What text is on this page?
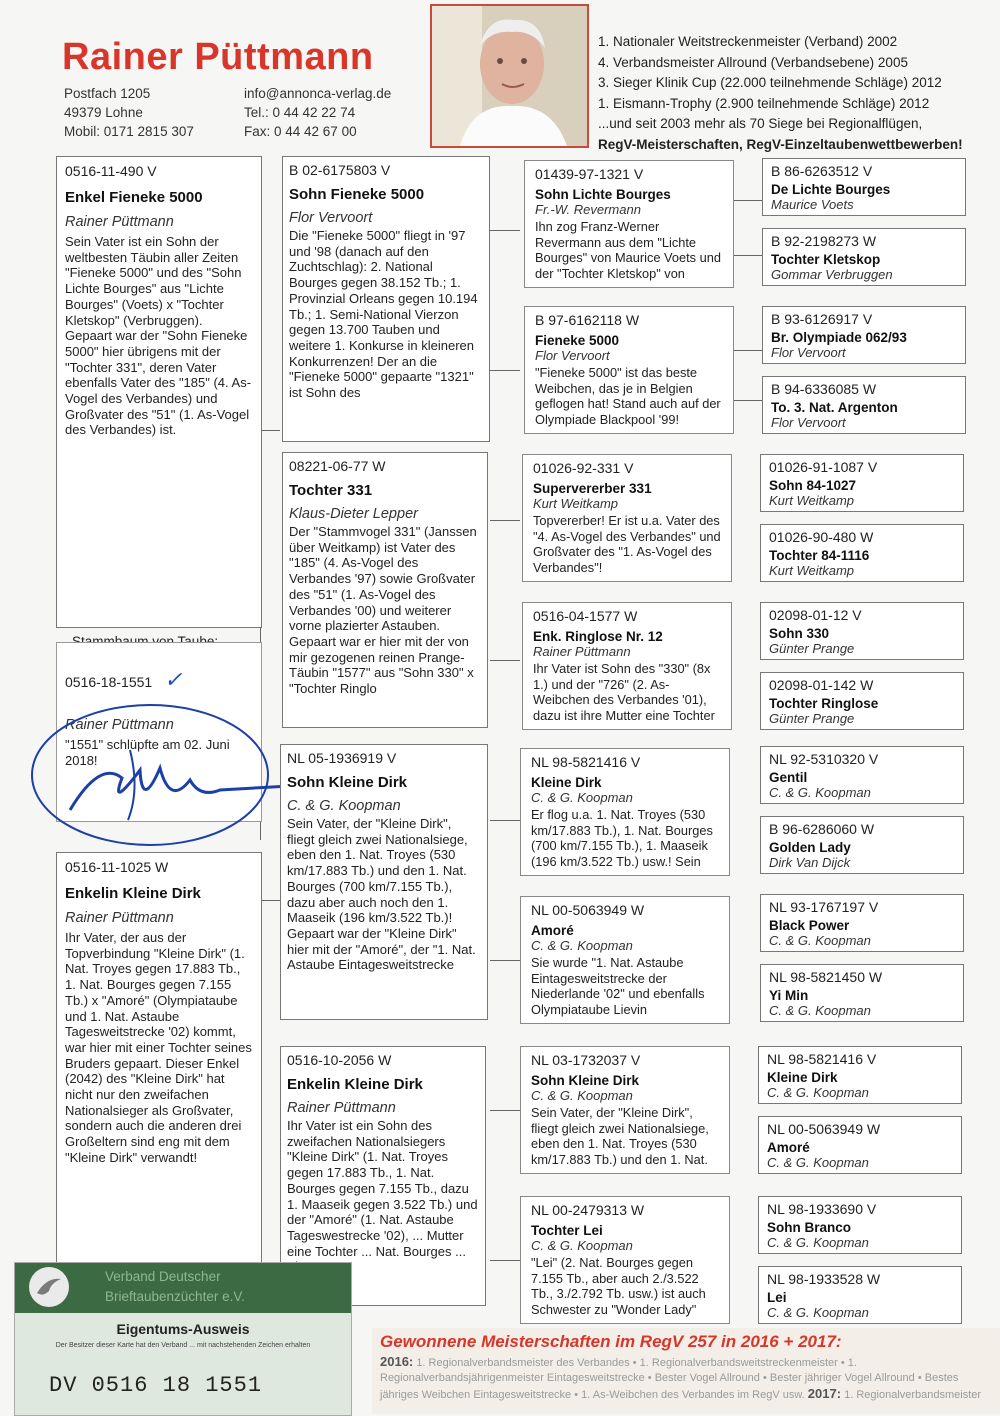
Rainer Püttmann
Postfach 1205
49379 Lohne
Mobil: 0171 2815 307
info@annonca-verlag.de
Tel.: 0 44 42 22 74
Fax: 0 44 42 67 00
1. Nationaler Weitstreckenmeister (Verband) 2002
4. Verbandsmeister Allround (Verbandsebene) 2005
3. Sieger Klinik Cup (22.000 teilnehmende Schläge) 2012
1. Eismann-Trophy (2.900 teilnehmende Schläge) 2012
...und seit 2003 mehr als 70 Siege bei Regionalflügen,
RegV-Meisterschaften, RegV-Einzeltaubenwettbewerben!
0516-11-490 V
Enkel Fieneke 5000
Rainer Püttmann
Sein Vater ist ein Sohn der weltbesten Täubin aller Zeiten "Fieneke 5000" und des "Sohn Lichte Bourges" aus "Lichte Bourges" (Voets) x "Tochter Kletskop" (Verbruggen). Gepaart war der "Sohn Fieneke 5000" hier übrigens mit der "Tochter 331", deren Vater ebenfalls Vater des "185" (4. As-Vogel des Verbandes) und Großvater des "51" (1. As-Vogel des Verbandes) ist.
0516-18-1551 ✓
Rainer Püttmann
"1551" schlüpfte am 02. Juni 2018!
0516-11-1025 W
Enkelin Kleine Dirk
Rainer Püttmann
Ihr Vater, der aus der Topverbindung "Kleine Dirk" (1. Nat. Troyes gegen 17.883 Tb., 1. Nat. Bourges gegen 7.155 Tb.) x "Amoré" (Olympiataube und 1. Nat. Astaube Tagesweitstrecke '02) kommt, war hier mit einer Tochter seines Bruders gepaart. Dieser Enkel (2042) des "Kleine Dirk" hat nicht nur den zweifachen Nationalsieger als Großvater, sondern auch die anderen drei Großeltern sind eng mit dem "Kleine Dirk" verwandt!
B 02-6175803 V
Sohn Fieneke 5000
Flor Vervoort
Die "Fieneke 5000" fliegt in '97 und '98 (danach auf den Zuchtschlag): 2. National Bourges gegen 38.152 Tb.; 1. Provinzial Orleans gegen 10.194 Tb.; 1. Semi-National Vierzon gegen 13.700 Tauben und weitere 1. Konkurse in kleineren Konkurrenzen! Der an die "Fieneke 5000" gepaarte "1321" ist Sohn des
08221-06-77 W
Tochter 331
Klaus-Dieter Lepper
Der "Stammvogel 331" (Janssen über Weitkamp) ist Vater des "185" (4. As-Vogel des Verbandes '97) sowie Großvater des "51" (1. As-Vogel des Verbandes '00) und weiterer vorne plazierter Astauben. Gepaart war er hier mit der von mir gezogenen reinen Prange-Täubin "1577" aus "Sohn 330" x "Tochter Ringlo
NL 05-1936919 V
Sohn Kleine Dirk
C. & G. Koopman
Sein Vater, der "Kleine Dirk", fliegt gleich zwei Nationalsiege, eben den 1. Nat. Troyes (530 km/17.883 Tb.) und den 1. Nat. Bourges (700 km/7.155 Tb.), dazu aber auch noch den 1. Maaseik (196 km/3.522 Tb.)! Gepaart war der "Kleine Dirk" hier mit der "Amoré", der "1. Nat. Astaube Eintagesweitstrecke
0516-10-2056 W
Enkelin Kleine Dirk
Rainer Püttmann
Ihr Vater ist ein Sohn des zweifachen Nationalsiegers "Kleine Dirk" (1. Nat. Troyes gegen 17.883 Tb., 1. Nat. Bourges gegen 7.155 Tb., dazu 1. Maaseik gegen 3.522 Tb.) und der "Amoré" (1. Nat. Astaube Tageswestrecke '02), ... Mutter eine Tochter ... Nat. Bourges ...
01439-97-1321 V
Sohn Lichte Bourges
Fr.-W. Revermann
Ihn zog Franz-Werner Revermann aus dem "Lichte Bourges" von Maurice Voets und der "Tochter Kletskop" von
B 97-6162118 W
Fieneke 5000
Flor Vervoort
"Fieneke 5000" ist das beste Weibchen, das je in Belgien geflogen hat! Stand auch auf der Olympiade Blackpool '99!
01026-92-331 V
Supervererber 331
Kurt Weitkamp
Topvererber! Er ist u.a. Vater des "4. As-Vogel des Verbandes" und Großvater des "1. As-Vogel des Verbandes"!
0516-04-1577 W
Enk. Ringlose Nr. 12
Rainer Püttmann
Ihr Vater ist Sohn des "330" (8x 1.) und der "726" (2. As-Weibchen des Verbandes '01), dazu ist ihre Mutter eine Tochter
NL 98-5821416 V
Kleine Dirk
C. & G. Koopman
Er flog u.a. 1. Nat. Troyes (530 km/17.883 Tb.), 1. Nat. Bourges (700 km/7.155 Tb.), 1. Maaseik (196 km/3.522 Tb.) usw.! Sein
NL 00-5063949 W
Amoré
C. & G. Koopman
Sie wurde "1. Nat. Astaube Eintagesweitstrecke der Niederlande '02" und ebenfalls Olympiataube Lievin
NL 03-1732037 V
Sohn Kleine Dirk
C. & G. Koopman
Sein Vater, der "Kleine Dirk", fliegt gleich zwei Nationalsiege, eben den 1. Nat. Troyes (530 km/17.883 Tb.) und den 1. Nat.
NL 00-2479313 W
Tochter Lei
C. & G. Koopman
"Lei" (2. Nat. Bourges gegen 7.155 Tb., aber auch 2./3.522 Tb., 3./2.792 Tb. usw.) ist auch Schwester zu "Wonder Lady"
B 86-6263512 V
De Lichte Bourges
Maurice Voets
B 92-2198273 W
Tochter Kletskop
Gommar Verbruggen
B 93-6126917 V
Br. Olympiade 062/93
Flor Vervoort
B 94-6336085 W
To. 3. Nat. Argenton
Flor Vervoort
01026-91-1087 V
Sohn 84-1027
Kurt Weitkamp
01026-90-480 W
Tochter 84-1116
Kurt Weitkamp
02098-01-12 V
Sohn 330
Günter Prange
02098-01-142 W
Tochter Ringlose
Günter Prange
NL 92-5310320 V
Gentil
C. & G. Koopman
B 96-6286060 W
Golden Lady
Dirk Van Dijck
NL 93-1767197 V
Black Power
C. & G. Koopman
NL 98-5821450 W
Yi Min
C. & G. Koopman
NL 98-5821416 V
Kleine Dirk
C. & G. Koopman
NL 00-5063949 W
Amoré
C. & G. Koopman
NL 98-1933690 V
Sohn Branco
C. & G. Koopman
NL 98-1933528 W
Lei
C. & G. Koopman
Verband Deutscher
Brieftaubenzüchter e.V.
Eigentums-Ausweis
Der Besitzer dieser Karte hat den Verband ... mit nachstehenden Zeichen erhalten
DV 0516 18 1551
Gewonnene Meisterschaften im RegV 257 in 2016 + 2017:
2016: 1. Regionalverbandsmeister des Verbandes • 1. Regionalverbandsweitstreckenmeister • 1. Regionalverbandsjährigenmeister Eintagesweitstrecke • Bester Vogel Allround • Bester jähriger Vogel Allround • Bestes jähriges Weibchen Eintagesweitstrecke • 1. As-Weibchen des Verbandes im RegV usw. 2017: 1. Regionalverbandsmeister
